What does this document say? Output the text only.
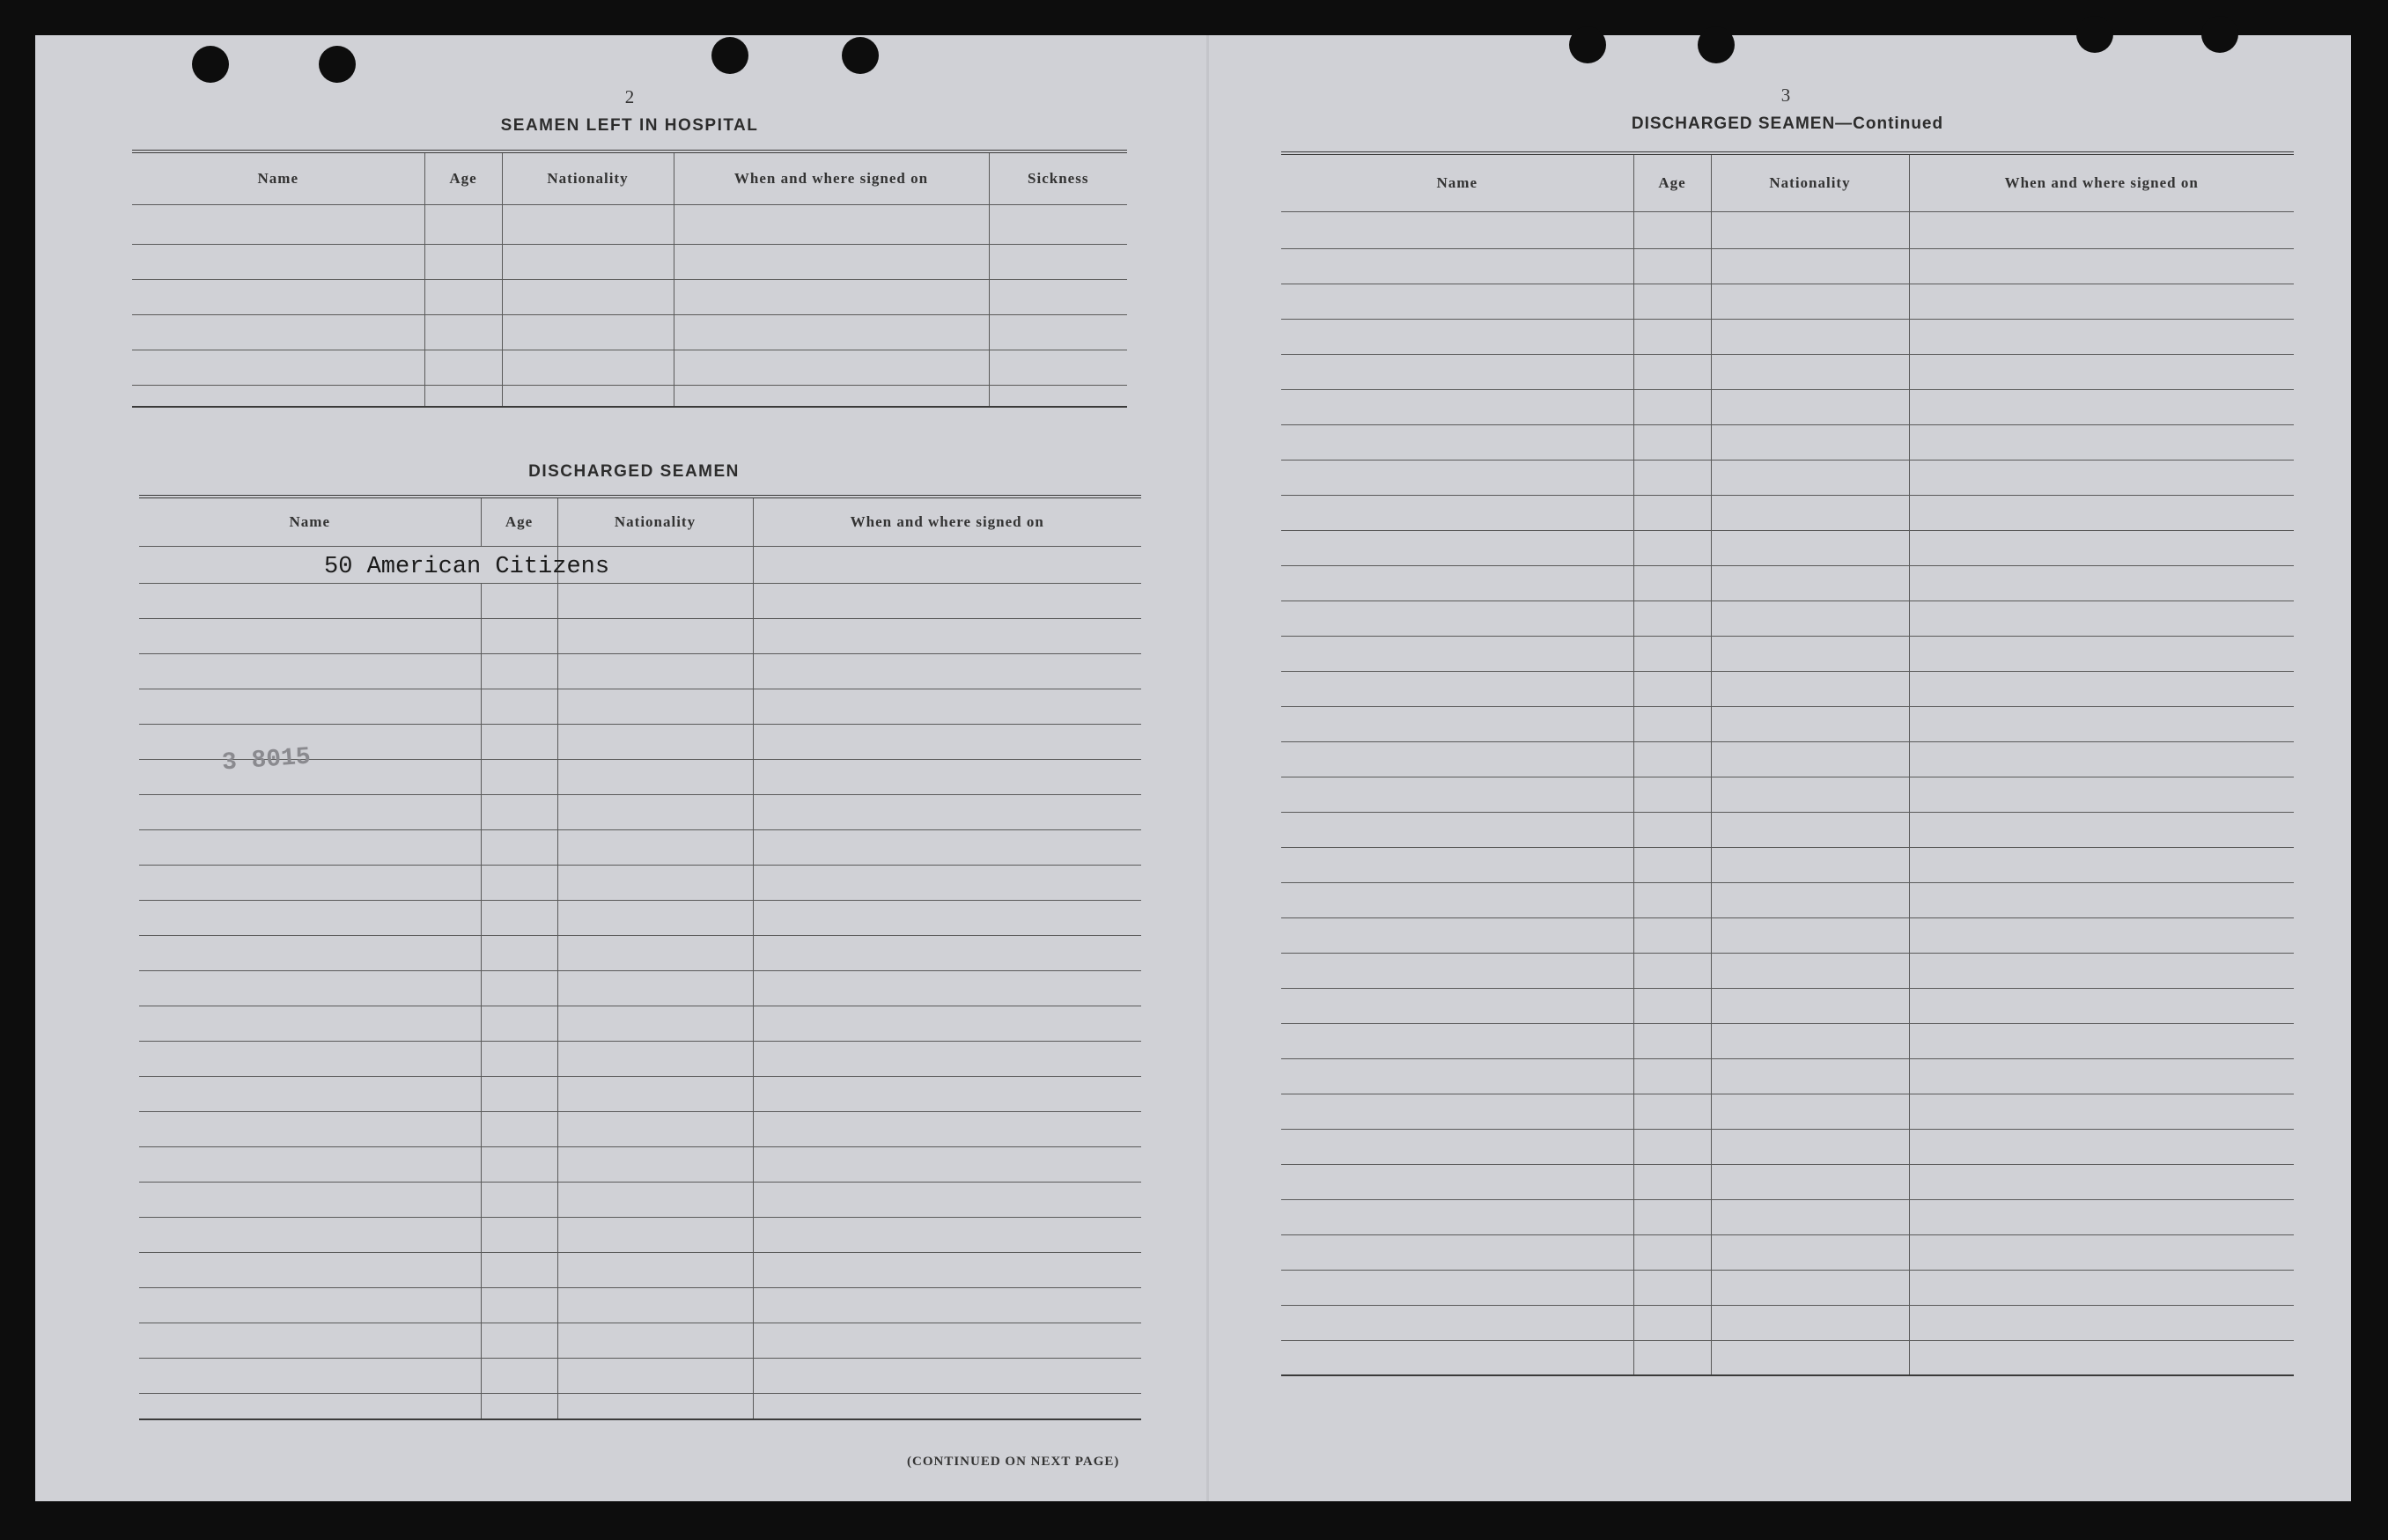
2
SEAMEN LEFT IN HOSPITAL
Name	Age	Nationality	When and where signed on	Sickness

DISCHARGED SEAMEN
Name	Age	Nationality	When and where signed on

50 American Citizens			

3 8015
(CONTINUED ON NEXT PAGE)
3
DISCHARGED SEAMEN—Continued
Name	Age	Nationality	When and where signed on
